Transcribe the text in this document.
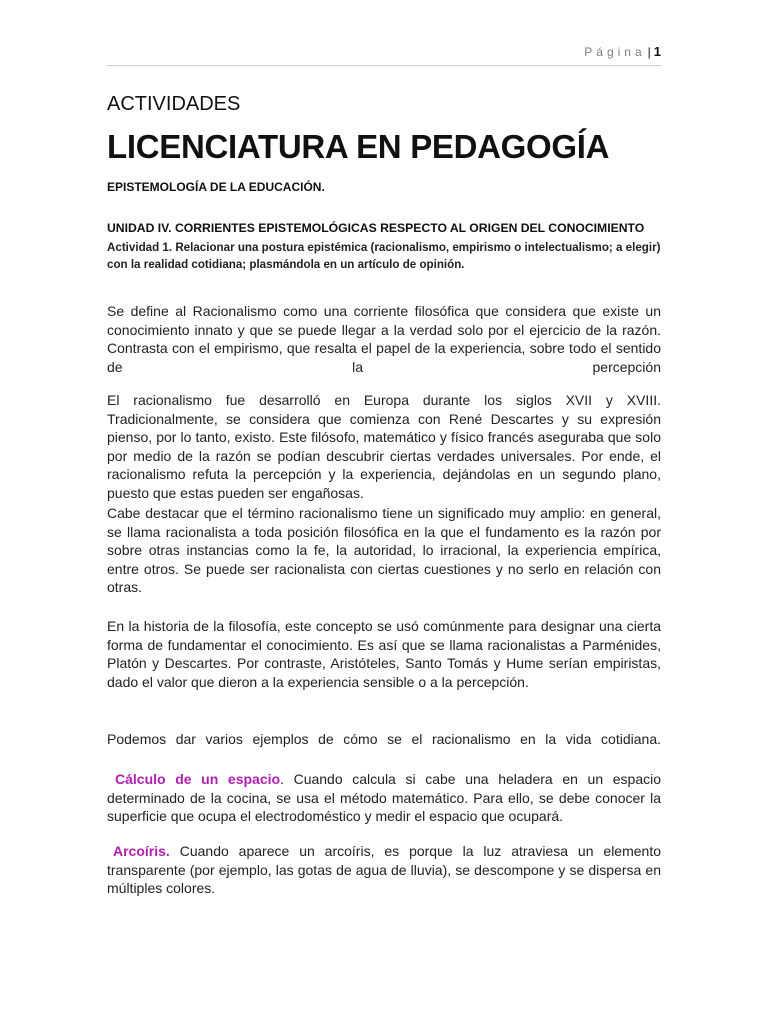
Página | 1
ACTIVIDADES
LICENCIATURA EN PEDAGOGÍA
EPISTEMOLOGÍA DE LA EDUCACIÓN.
UNIDAD IV. CORRIENTES EPISTEMOLÓGICAS RESPECTO AL ORIGEN DEL CONOCIMIENTO
Actividad 1. Relacionar una postura epistémica (racionalismo, empirismo o intelectualismo; a elegir) con la realidad cotidiana; plasmándola en un artículo de opinión.

Se define al Racionalismo como una corriente filosófica que considera que existe un conocimiento innato y que se puede llegar a la verdad solo por el ejercicio de la razón. Contrasta con el empirismo, que resalta el papel de la experiencia, sobre todo el sentido de la percepción

El racionalismo fue desarrolló en Europa durante los siglos XVII y XVIII. Tradicionalmente, se considera que comienza con René Descartes y su expresión pienso, por lo tanto, existo. Este filósofo, matemático y físico francés aseguraba que solo por medio de la razón se podían descubrir ciertas verdades universales. Por ende, el racionalismo refuta la percepción y la experiencia, dejándolas en un segundo plano, puesto que estas pueden ser engañosas.

Cabe destacar que el término racionalismo tiene un significado muy amplio: en general, se llama racionalista a toda posición filosófica en la que el fundamento es la razón por sobre otras instancias como la fe, la autoridad, lo irracional, la experiencia empírica, entre otros. Se puede ser racionalista con ciertas cuestiones y no serlo en relación con otras.

En la historia de la filosofía, este concepto se usó comúnmente para designar una cierta forma de fundamentar el conocimiento. Es así que se llama racionalistas a Parménides, Platón y Descartes. Por contraste, Aristóteles, Santo Tomás y Hume serían empiristas, dado el valor que dieron a la experiencia sensible o a la percepción.

Podemos dar varios ejemplos de cómo se el racionalismo en la vida cotidiana.

Cálculo de un espacio. Cuando calcula si cabe una heladera en un espacio determinado de la cocina, se usa el método matemático. Para ello, se debe conocer la superficie que ocupa el electrodoméstico y medir el espacio que ocupará.

Arcoíris. Cuando aparece un arcoíris, es porque la luz atraviesa un elemento transparente (por ejemplo, las gotas de agua de lluvia), se descompone y se dispersa en múltiples colores.
